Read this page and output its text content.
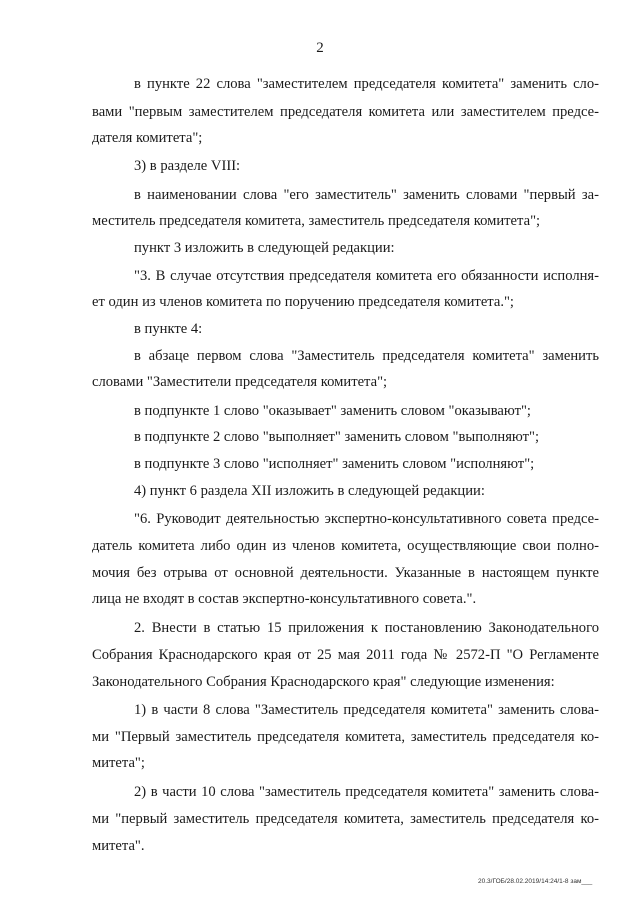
2
в пункте 22 слова "заместителем председателя комитета" заменить сло-
вами "первым заместителем председателя комитета или заместителем предсе-
дателя комитета";
3) в разделе VIII:
в наименовании слова "его заместитель" заменить словами "первый за-
меститель председателя комитета, заместитель председателя комитета";
пункт 3 изложить в следующей редакции:
"3. В случае отсутствия председателя комитета его обязанности исполня-
ет один из членов комитета по поручению председателя комитета.";
в пункте 4:
в абзаце первом слова "Заместитель председателя комитета" заменить
словами "Заместители председателя комитета";
в подпункте 1 слово "оказывает" заменить словом "оказывают";
в подпункте 2 слово "выполняет" заменить словом "выполняют";
в подпункте 3 слово "исполняет" заменить словом "исполняют";
4) пункт 6 раздела XII изложить в следующей редакции:
"6. Руководит деятельностью экспертно-консультативного совета предсе-
датель комитета либо один из членов комитета, осуществляющие свои полно-
мочия без отрыва от основной деятельности. Указанные в настоящем пункте
лица не входят в состав экспертно-консультативного совета.".
2. Внести в статью 15 приложения к постановлению Законодательного
Собрания Краснодарского края от 25 мая 2011 года № 2572-П "О Регламенте
Законодательного Собрания Краснодарского края" следующие изменения:
1) в части 8 слова "Заместитель председателя комитета" заменить слова-
ми "Первый заместитель председателя комитета, заместитель председателя ко-
митета";
2) в части 10 слова "заместитель председателя комитета" заменить слова-
ми "первый заместитель председателя комитета, заместитель председателя ко-
митета".
20.3/ГОБ/28.02.2019/14:24/1-8 зам___
